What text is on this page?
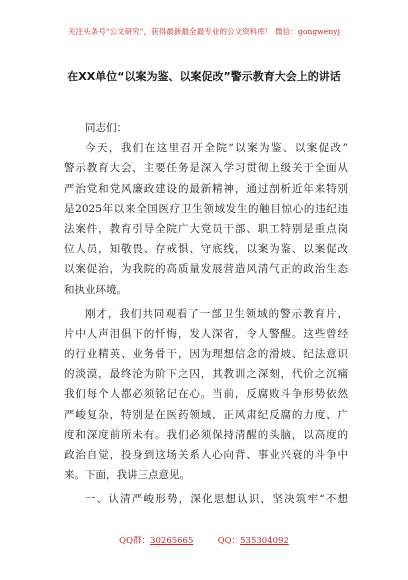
关注头条号"公文研究"，获得最新最全最专业的公文资料库！ 微信：gongwenyj
在XX单位“以案为鉴、以案促改”警示教育大会上的讲话
同志们：
今天，我们在这里召开全院“以案为鉴、以案促改”
警示教育大会，主要任务是深入学习贯彻上级关于全面从
严治党和党风廉政建设的最新精神，通过剖析近年来特别
是2025年以来全国医疗卫生领域发生的触目惊心的违纪违
法案件，教育引导全院广大党员干部、职工特别是重点岗
位人员，知敬畏、存戒惧、守底线，以案为鉴、以案促改
以案促治，为我院的高质量发展营造风清气正的政治生态
和执业环境。
刚才，我们共同观看了一部卫生领域的警示教育片，
片中人声泪俱下的忏悔，发人深省，令人警醒。这些曾经
的行业精英、业务骨干，因为理想信念的滑坡、纪法意识
的淡漠，最终沦为阶下之囚，其教训之深刻，代价之沉痛
我们每个人都必须铭记在心。当前，反腐败斗争形势依然
严峻复杂，特别是在医药领域，正风肃纪反腐的力度、广
度和深度前所未有。我们必须保持清醒的头脑，以高度的
政治自觉，投身到这场关系人心向背、事业兴衰的斗争中
来。下面，我讲三点意见。
一、认清严峻形势，深化思想认识，坚决筑牢“不想
QQ群：30265665	QQ：535304092
